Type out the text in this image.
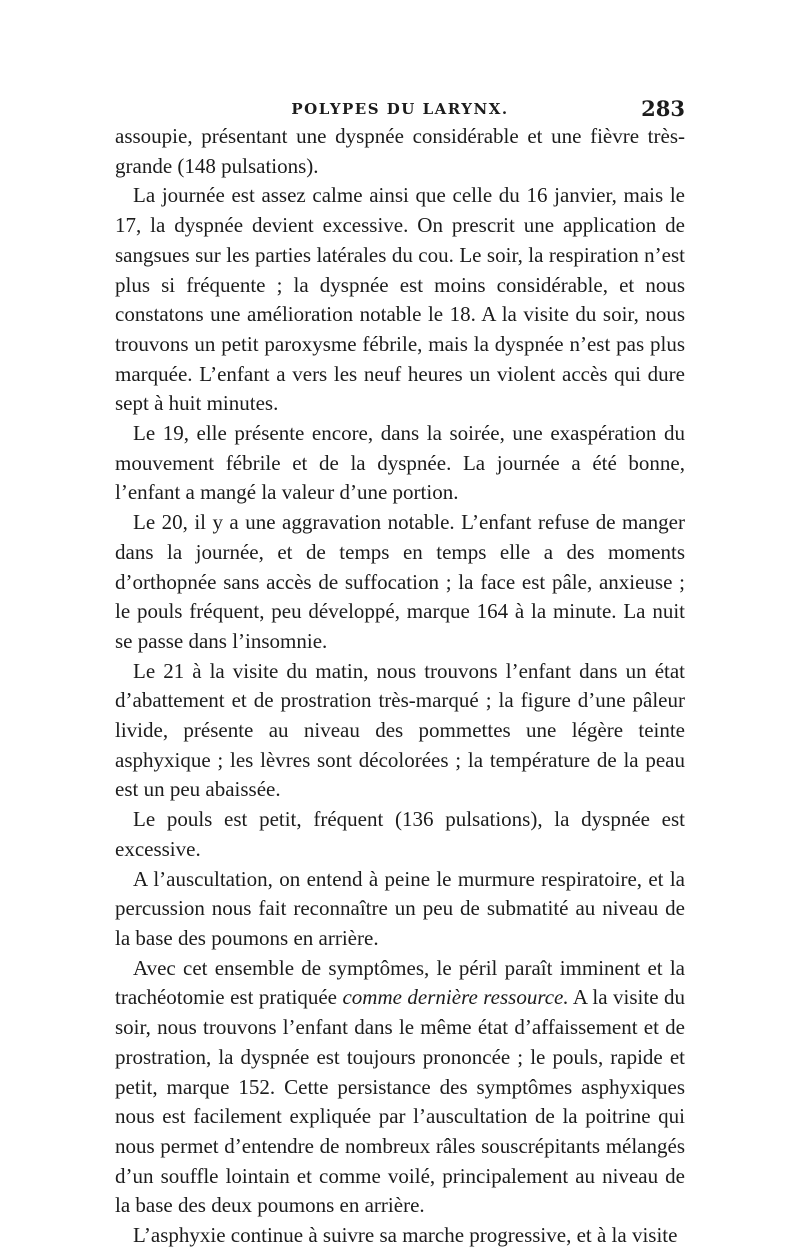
POLYPES DU LARYNX.	283

assoupie, présentant une dyspnée considérable et une fièvre très-grande (148 pulsations).

La journée est assez calme ainsi que celle du 16 janvier, mais le 17, la dyspnée devient excessive. On prescrit une application de sangsues sur les parties latérales du cou. Le soir, la respiration n’est plus si fréquente ; la dyspnée est moins considérable, et nous constatons une amélioration notable le 18. A la visite du soir, nous trouvons un petit paroxysme fébrile, mais la dyspnée n’est pas plus marquée. L’enfant a vers les neuf heures un violent accès qui dure sept à huit minutes.

Le 19, elle présente encore, dans la soirée, une exaspération du mouvement fébrile et de la dyspnée. La journée a été bonne, l’enfant a mangé la valeur d’une portion.

Le 20, il y a une aggravation notable. L’enfant refuse de manger dans la journée, et de temps en temps elle a des moments d’orthopnée sans accès de suffocation ; la face est pâle, anxieuse ; le pouls fréquent, peu développé, marque 164 à la minute. La nuit se passe dans l’insomnie.

Le 21 à la visite du matin, nous trouvons l’enfant dans un état d’abattement et de prostration très-marqué ; la figure d’une pâleur livide, présente au niveau des pommettes une légère teinte asphyxique ; les lèvres sont décolorées ; la température de la peau est un peu abaissée.

Le pouls est petit, fréquent (136 pulsations), la dyspnée est excessive.

A l’auscultation, on entend à peine le murmure respiratoire, et la percussion nous fait reconnaître un peu de submatité au niveau de la base des poumons en arrière.

Avec cet ensemble de symptômes, le péril paraît imminent et la trachéotomie est pratiquée comme dernière ressource. A la visite du soir, nous trouvons l’enfant dans le même état d’affaissement et de prostration, la dyspnée est toujours prononcée ; le pouls, rapide et petit, marque 152. Cette persistance des symptômes asphyxiques nous est facilement expliquée par l’auscultation de la poitrine qui nous permet d’entendre de nombreux râles souscrépitants mélangés d’un souffle lointain et comme voilé, principalement au niveau de la base des deux poumons en arrière.

L’asphyxie continue à suivre sa marche progressive, et à la visite
